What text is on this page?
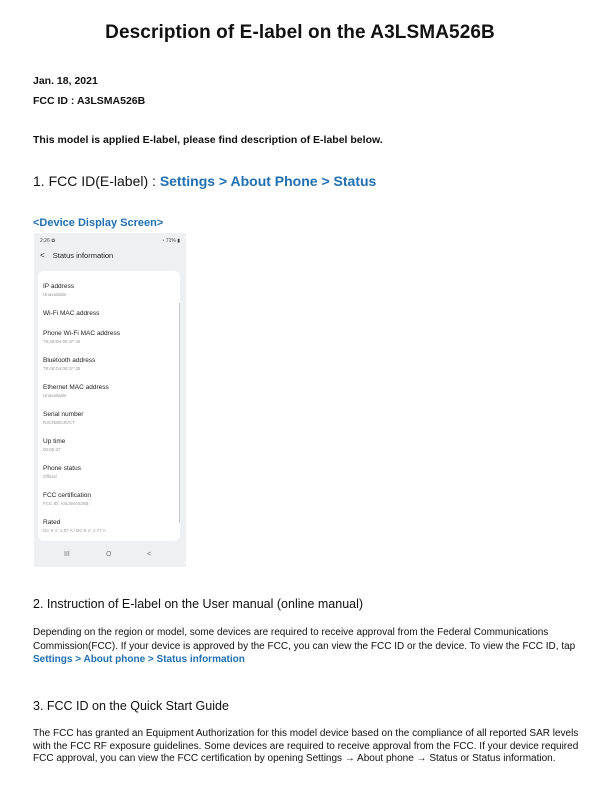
Description of E-label on the A3LSMA526B
Jan. 18, 2021
FCC ID : A3LSMA526B
This model is applied E-label, please find description of E-label below.
1. FCC ID(E-label) : Settings > About Phone > Status
<Device Display Screen>
2:26 ✿	◔ 71% ▮
< Status information
IP address
Unavailable
Wi-Fi MAC address
Phone Wi-Fi MAC address
78:46:D4:08:1F:35
Bluetooth address
78:46:D4:08:1F:35
Ethernet MAC address
Unavailable
Serial number
R3CN80C8VCT
Up time
00:05:37
Phone status
Official
FCC certification
FCC ID: A3LSMA526B
Rated
DC 9 V; 1.67 A / DC 9 V; 2.77 A
III	O	<
2. Instruction of E-label on the User manual (online manual)
Depending on the region or model, some devices are required to receive approval from the Federal Communications Commission(FCC). If your device is approved by the FCC, you can view the FCC ID or the device. To view the FCC ID, tap Settings > About phone > Status information
3. FCC ID on the Quick Start Guide
The FCC has granted an Equipment Authorization for this model device based on the compliance of all reported SAR levels with the FCC RF exposure guidelines. Some devices are required to receive approval from the FCC. If your device required FCC approval, you can view the FCC certification by opening Settings → About phone → Status or Status information.
